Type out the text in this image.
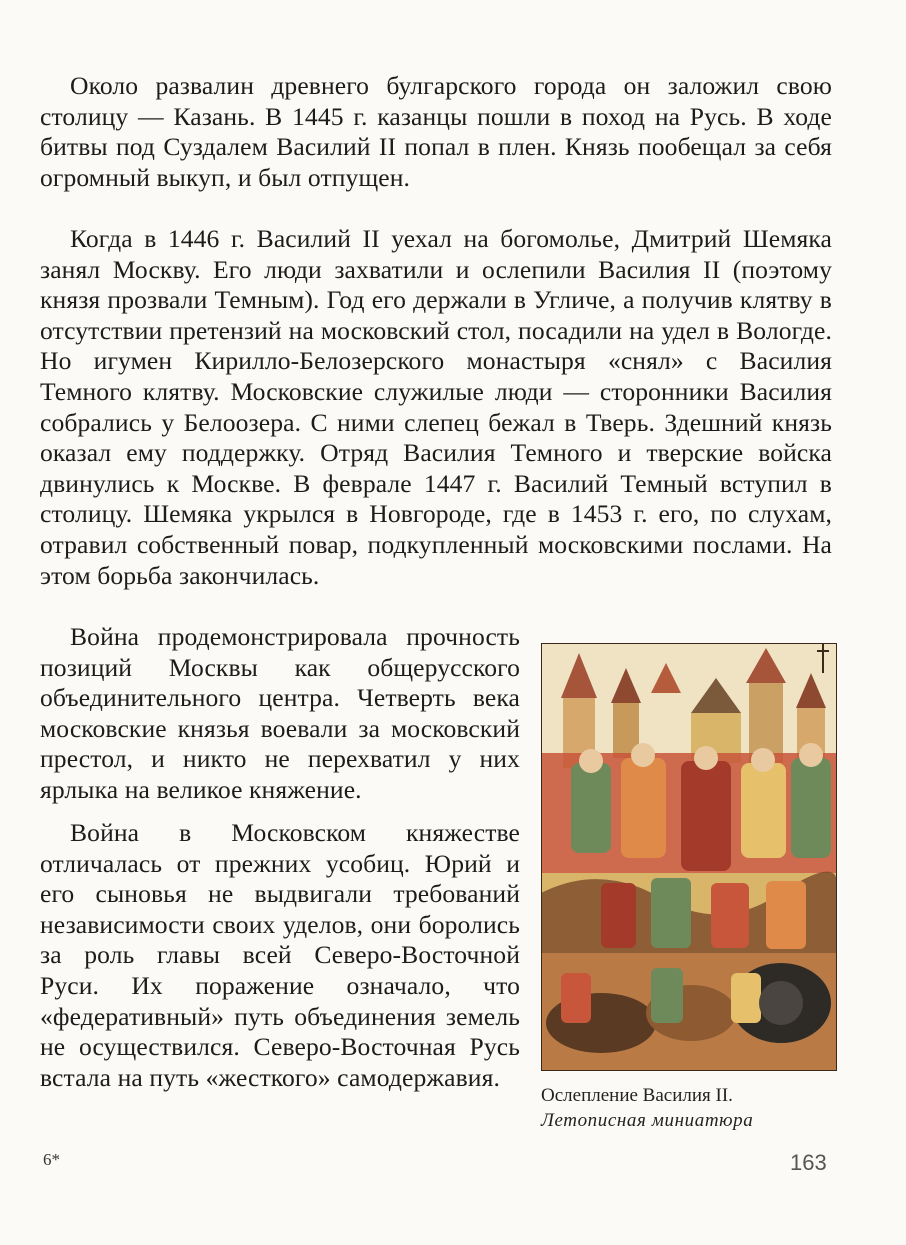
Около развалин древнего булгарского города он заложил свою столицу — Казань. В 1445 г. казанцы пошли в поход на Русь. В ходе битвы под Суздалем Василий II попал в плен. Князь пообещал за себя огромный выкуп, и был отпущен.

Когда в 1446 г. Василий II уехал на богомолье, Дмитрий Шемяка занял Москву. Его люди захватили и ослепили Василия II (поэтому князя прозвали Темным). Год его держали в Угличе, а получив клятву в отсутствии претензий на московский стол, посадили на удел в Вологде. Но игумен Кирилло-Белозерского монастыря «снял» с Василия Темного клятву. Московские служилые люди — сторонники Василия собрались у Белоозера. С ними слепец бежал в Тверь. Здешний князь оказал ему поддержку. Отряд Василия Темного и тверские войска двинулись к Москве. В феврале 1447 г. Василий Темный вступил в столицу. Шемяка укрылся в Новгороде, где в 1453 г. его, по слухам, отравил собственный повар, подкупленный московскими послами. На этом борьба закончилась.

Война продемонстрировала прочность позиций Москвы как общерусского объединительного центра. Четверть века московские князья воевали за московский престол, и никто не перехватил у них ярлыка на великое княжение.

Война в Московском княжестве отличалась от прежних усобиц. Юрий и его сыновья не выдвигали требований независимости своих уделов, они боролись за роль главы всей Северо-Восточной Руси. Их поражение означало, что «федеративный» путь объединения земель не осуществился. Северо-Восточная Русь встала на путь «жесткого» самодержавия.

Ослепление Василия II.
Летописная миниатюра
6*	163
